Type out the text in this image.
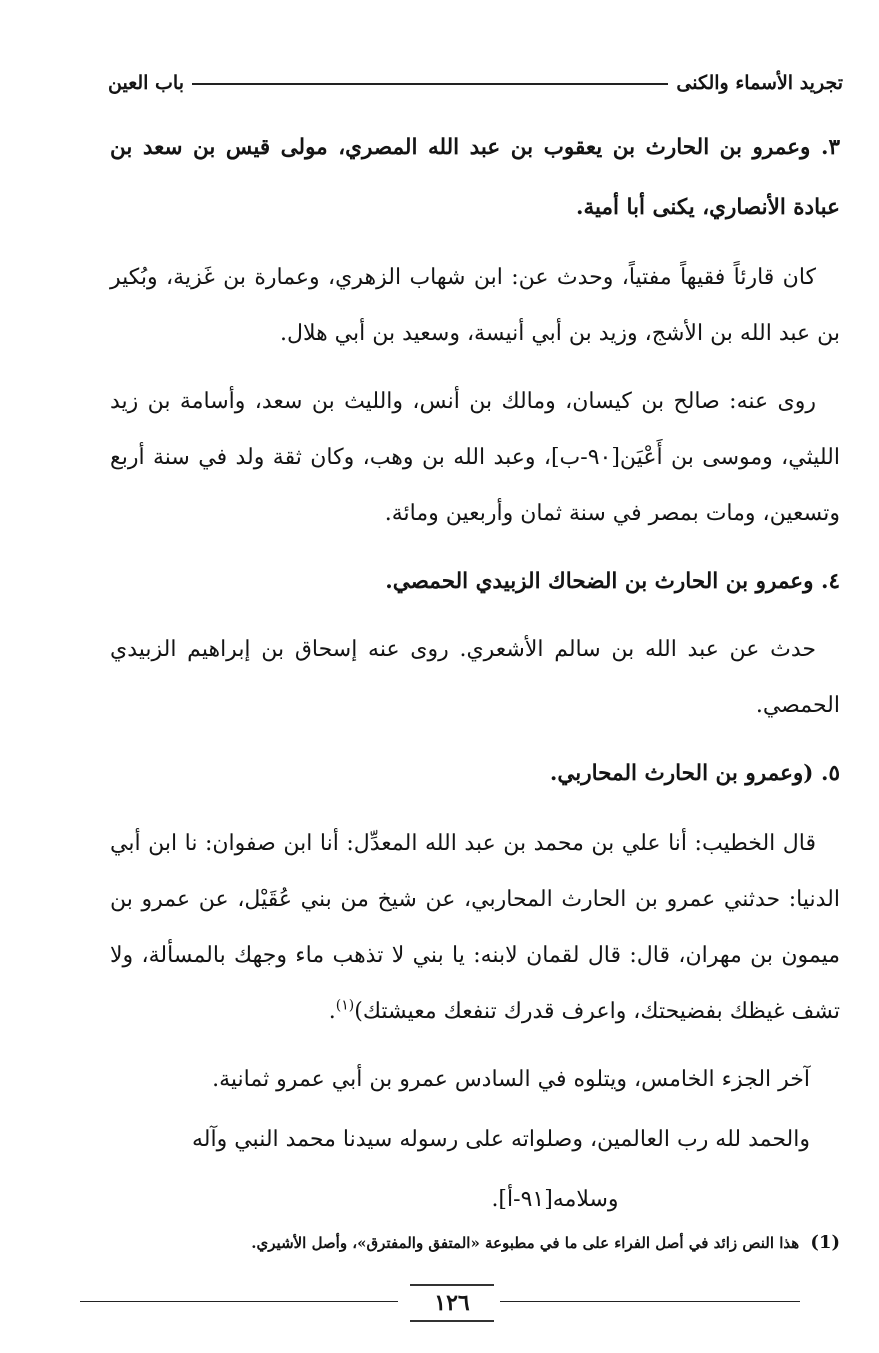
تجريد الأسماء والكنى
باب العين

٣. وعمرو بن الحارث بن يعقوب بن عبد الله المصري، مولى قيس بن سعد بن عبادة الأنصاري، يكنى أبا أمية.

كان قارئاً فقيهاً مفتياً، وحدث عن: ابن شهاب الزهري، وعمارة بن غَزية، وبُكير بن عبد الله بن الأشج، وزيد بن أبي أنيسة، وسعيد بن أبي هلال.

روى عنه: صالح بن كيسان، ومالك بن أنس، والليث بن سعد، وأسامة بن زيد الليثي، وموسى بن أَعْيَن[٩٠-ب]، وعبد الله بن وهب، وكان ثقة ولد في سنة أربع وتسعين، ومات بمصر في سنة ثمان وأربعين ومائة.

٤. وعمرو بن الحارث بن الضحاك الزبيدي الحمصي.

حدث عن عبد الله بن سالم الأشعري. روى عنه إسحاق بن إبراهيم الزبيدي الحمصي.

٥. (وعمرو بن الحارث المحاربي.

قال الخطيب: أنا علي بن محمد بن عبد الله المعدِّل: أنا ابن صفوان: نا ابن أبي الدنيا: حدثني عمرو بن الحارث المحاربي، عن شيخ من بني عُقَيْل، عن عمرو بن ميمون بن مهران، قال: قال لقمان لابنه: يا بني لا تذهب ماء وجهك بالمسألة، ولا تشف غيظك بفضيحتك، واعرف قدرك تنفعك معيشتك)$^{(١)}$.

آخر الجزء الخامس، ويتلوه في السادس عمرو بن أبي عمرو ثمانية.

والحمد لله رب العالمين، وصلواته على رسوله سيدنا محمد النبي وآله

وسلامه[٩١-أ].

(1) هذا النص زائد في أصل الفراء على ما في مطبوعة «المتفق والمفترق»، وأصل الأشيري.
١٢٦
